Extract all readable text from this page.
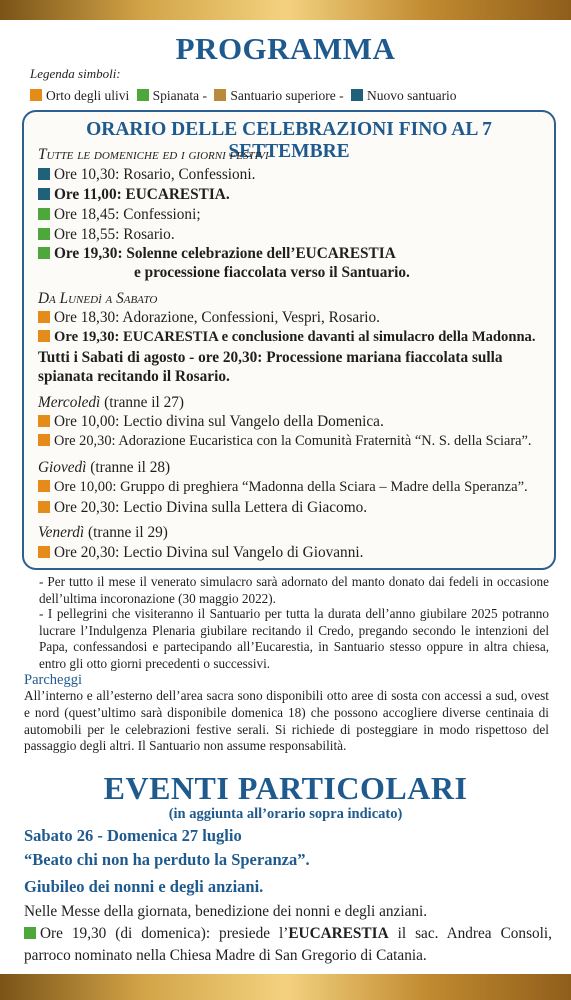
PROGRAMMA
Legenda simboli:
Orto degli ulivi Spianata - Santuario superiore - Nuovo santuario
ORARIO DELLE CELEBRAZIONI FINO AL 7 SETTEMBRE
Tutte le domeniche ed i giorni festivi
Ore 10,30: Rosario, Confessioni.
Ore 11,00: EUCARESTIA.
Ore 18,45: Confessioni;
Ore 18,55: Rosario.
Ore 19,30: Solenne celebrazione dell’EUCARESTIA
e processione fiaccolata verso il Santuario.
Da Lunedì a Sabato
Ore 18,30: Adorazione, Confessioni, Vespri, Rosario.
Ore 19,30: EUCARESTIA e conclusione davanti al simulacro della Madonna.
Tutti i Sabati di agosto - ore 20,30: Processione mariana fiaccolata sulla
spianata recitando il Rosario.
Mercoledì (tranne il 27)
Ore 10,00: Lectio divina sul Vangelo della Domenica.
Ore 20,30: Adorazione Eucaristica con la Comunità Fraternità “N. S. della Sciara”.
Giovedì (tranne il 28)
Ore 10,00: Gruppo di preghiera “Madonna della Sciara – Madre della Speranza”.
Ore 20,30: Lectio Divina sulla Lettera di Giacomo.
Venerdì (tranne il 29)
Ore 20,30: Lectio Divina sul Vangelo di Giovanni.
- Per tutto il mese il venerato simulacro sarà adornato del manto donato dai fedeli in occasione dell’ultima incoronazione (30 maggio 2022).
- I pellegrini che visiteranno il Santuario per tutta la durata dell’anno giubilare 2025 potranno lucrare l’Indulgenza Plenaria giubilare recitando il Credo, pregando secondo le intenzioni del Papa, confessandosi e partecipando all’Eucarestia, in Santuario stesso oppure in altra chiesa, entro gli otto giorni precedenti o successivi.
Parcheggi
All’interno e all’esterno dell’area sacra sono disponibili otto aree di sosta con accessi a sud, ovest e nord (quest’ultimo sarà disponibile domenica 18) che possono accogliere diverse centinaia di automobili per le celebrazioni festive serali. Si richiede di posteggiare in modo rispettoso del passaggio degli altri. Il Santuario non assume responsabilità.
EVENTI PARTICOLARI
(in aggiunta all’orario sopra indicato)
Sabato 26 - Domenica 27 luglio
“Beato chi non ha perduto la Speranza”.
Giubileo dei nonni e degli anziani.
Nelle Messe della giornata, benedizione dei nonni e degli anziani.
Ore 19,30 (di domenica): presiede l’EUCARESTIA il sac. Andrea Consoli, parroco nominato nella Chiesa Madre di San Gregorio di Catania.
